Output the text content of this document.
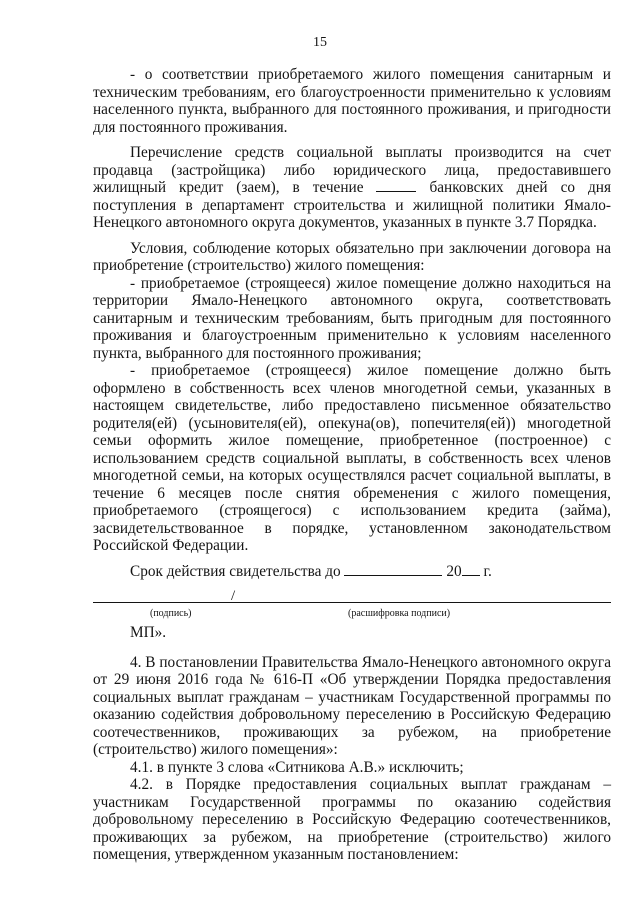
15

- о соответствии приобретаемого жилого помещения санитарным и техническим требованиям, его благоустроенности применительно к условиям населенного пункта, выбранного для постоянного проживания, и пригодности для постоянного проживания.

Перечисление средств социальной выплаты производится на счет продавца (застройщика) либо юридического лица, предоставившего жилищный кредит (заем), в течение	банковских дней со дня поступления в департамент строительства и жилищной политики Ямало-Ненецкого автономного округа документов, указанных в пункте 3.7 Порядка.

Условия, соблюдение которых обязательно при заключении договора на приобретение (строительство) жилого помещения:

- приобретаемое (строящееся) жилое помещение должно находиться на территории Ямало-Ненецкого автономного округа, соответствовать санитарным и техническим требованиям, быть пригодным для постоянного проживания и благоустроенным применительно к условиям населенного пункта, выбранного для постоянного проживания;

- приобретаемое (строящееся) жилое помещение должно быть оформлено в собственность всех членов многодетной семьи, указанных в настоящем свидетельстве, либо предоставлено письменное обязательство родителя(ей) (усыновителя(ей), опекуна(ов), попечителя(ей)) многодетной семьи оформить жилое помещение, приобретенное (построенное) с использованием средств социальной выплаты, в собственность всех членов многодетной семьи, на которых осуществлялся расчет социальной выплаты, в течение 6 месяцев после снятия обременения с жилого помещения, приобретаемого (строящегося) с использованием кредита (займа), засвидетельствованное в порядке, установленном законодательством Российской Федерации.

Срок действия свидетельства до	20 г.

/
(подпись)	(расшифровка подписи)

МП».

4. В постановлении Правительства Ямало-Ненецкого автономного округа от 29 июня 2016 года № 616-П «Об утверждении Порядка предоставления социальных выплат гражданам – участникам Государственной программы по оказанию содействия добровольному переселению в Российскую Федерацию соотечественников, проживающих за рубежом, на приобретение (строительство) жилого помещения»:

4.1. в пункте 3 слова «Ситникова А.В.» исключить;

4.2. в Порядке предоставления социальных выплат гражданам – участникам Государственной программы по оказанию содействия добровольному переселению в Российскую Федерацию соотечественников, проживающих за рубежом, на приобретение (строительство) жилого помещения, утвержденном указанным постановлением:
